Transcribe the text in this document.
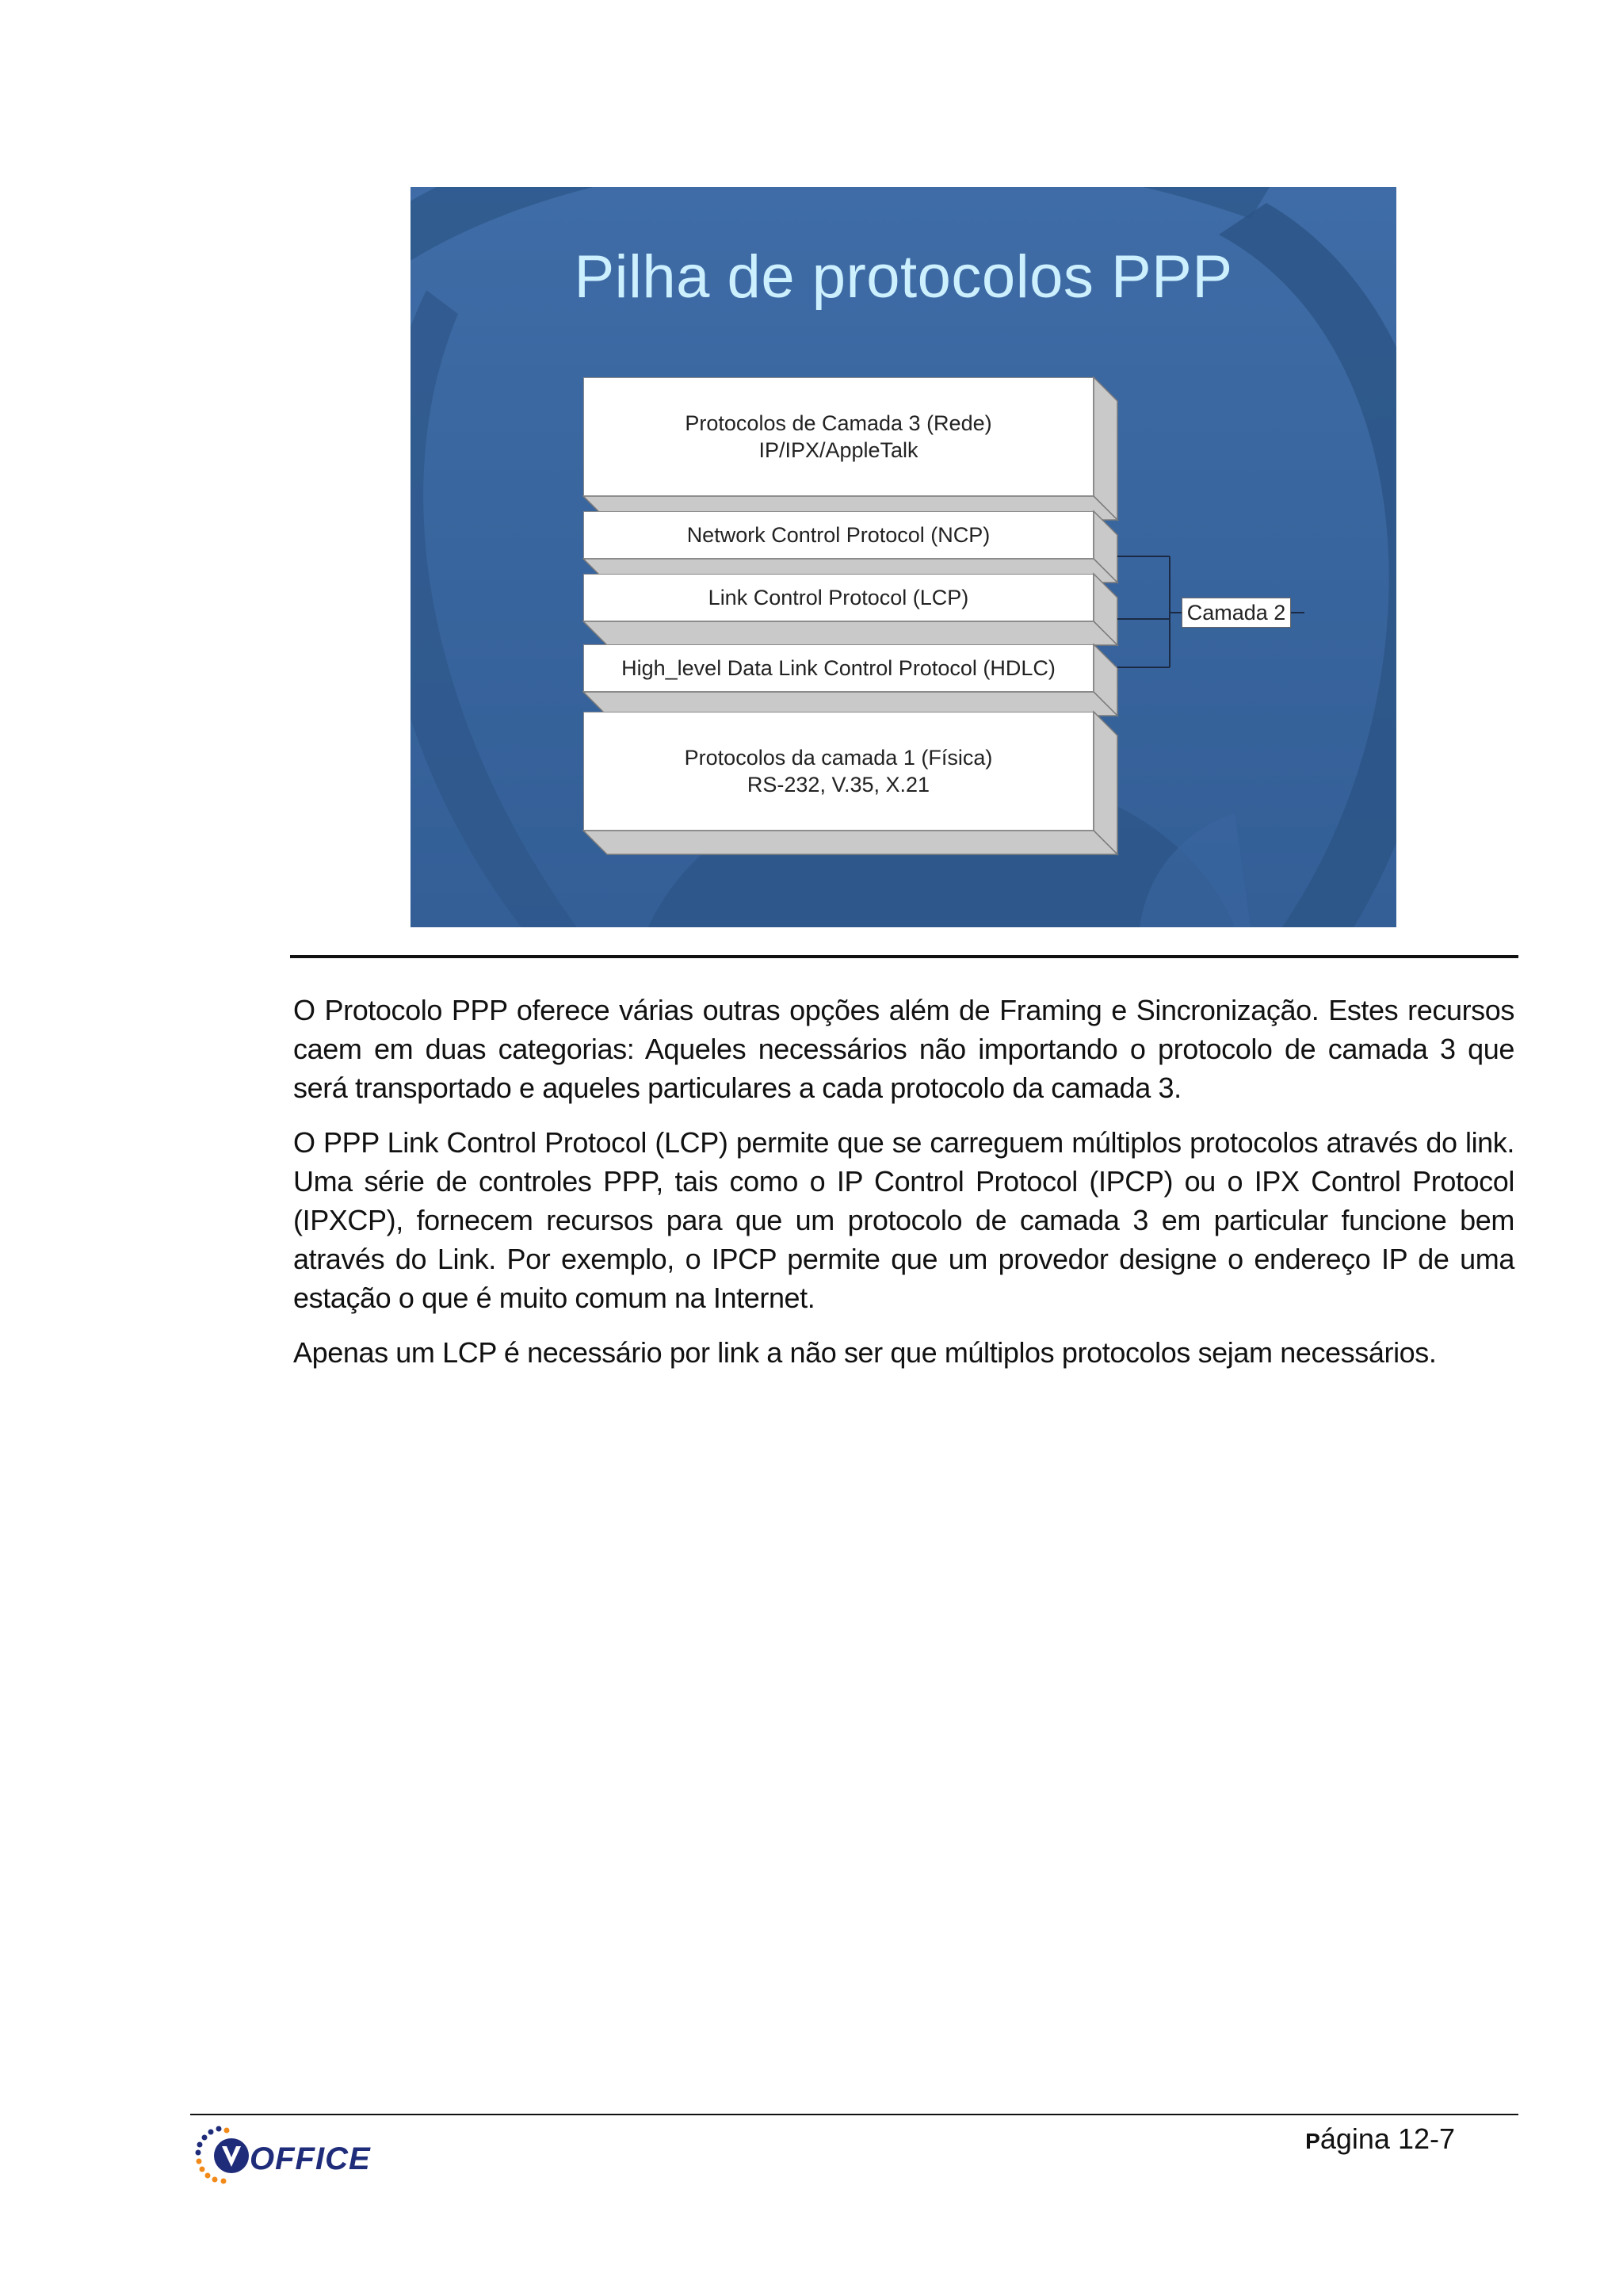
Pilha de protocolos PPP
Protocolos de Camada 3 (Rede)
IP/IPX/AppleTalk
Network Control Protocol (NCP)
Link Control Protocol (LCP)
High_level Data Link Control Protocol (HDLC)
Protocolos da camada 1 (Física)
RS-232, V.35, X.21
Camada 2

O Protocolo PPP oferece várias outras opções além de Framing e Sincronização. Estes recursos caem em duas categorias: Aqueles necessários não importando o protocolo de camada 3 que será transportado e aqueles particulares a cada protocolo da camada 3.

O PPP Link Control Protocol (LCP) permite que se carreguem múltiplos protocolos através do link. Uma série de controles PPP, tais como o IP Control Protocol (IPCP) ou o IPX Control Protocol (IPXCP), fornecem recursos para que um protocolo de camada 3 em particular funcione bem através do Link. Por exemplo, o IPCP permite que um provedor designe o endereço IP de uma estação o que é muito comum na Internet.

Apenas um LCP é necessário por link a não ser que múltiplos protocolos sejam necessários.

OFFICE
Página 12-7
